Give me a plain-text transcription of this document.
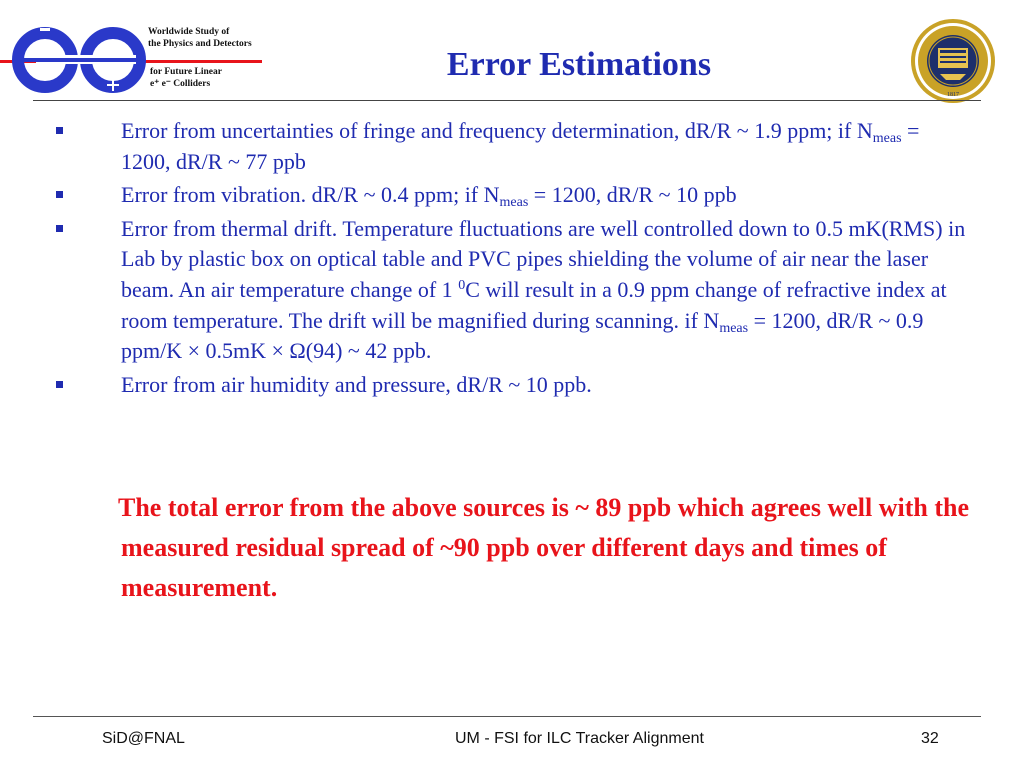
Worldwide Study of
the Physics and Detectors
for Future Linear
e⁺ e⁻ Colliders
Error Estimations
1817
Error from uncertainties of fringe and frequency determination, dR/R ~ 1.9 ppm; if $N_{meas} = 1200$, dR/R ~ 77 ppb
Error from vibration. dR/R ~ 0.4 ppm; if $N_{meas} = 1200$, dR/R ~ 10 ppb
Error from thermal drift. Temperature fluctuations are well controlled down to 0.5 mK(RMS) in Lab by plastic box on optical table and PVC pipes shielding the volume of air near the laser beam. An air temperature change of 1 $^0$C will result in a 0.9 ppm change of refractive index at room temperature. The drift will be magnified during scanning. if $N_{meas} = 1200$, dR/R ~ 0.9 ppm/K × 0.5mK × Ω(94) ~ 42 ppb.
Error from air humidity and pressure, dR/R ~ 10 ppb.
The total error from the above sources is ~ 89 ppb which agrees well with the measured residual spread of ~90 ppb over different days and times of measurement.
SiD@FNAL	UM - FSI for ILC Tracker Alignment	32
